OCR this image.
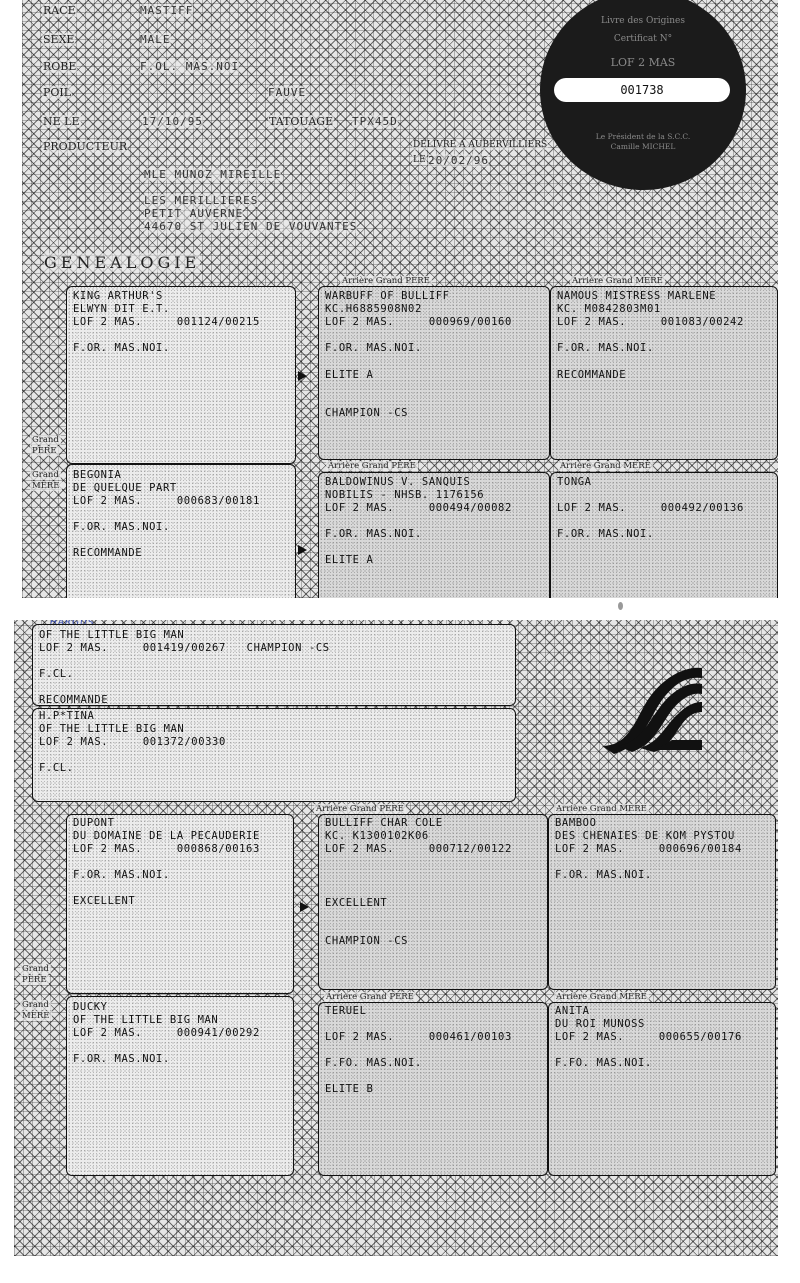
RACE	MASTIFF
SEXE	MALE
ROBE	F.OL. MAS.NOI
POIL	FAUVE
NE LE	17/10/95	TATOUAGE TPX45D
PRODUCTEUR	DELIVRE A AUBERVILLIERS
LE 20/02/96
MLE MUNOZ MIREILLE
LES MERILLIERES
PETIT AUVERNE
44670 ST JULIEN DE VOUVANTES
Livre des Origines
Certificat N°
LOF 2 MAS
001738
Le Président de la S.C.C.
Camille MICHEL
GENEALOGIE
Arrière Grand PERE	Arrière Grand MERE
KING ARTHUR'S
ELWYN DIT E.T.
LOF 2 MAS.     001124/00215
F.OR. MAS.NOI.
WARBUFF OF BULLIFF
KC.H6885908N02
LOF 2 MAS.     000969/00160
F.OR. MAS.NOI.
ELITE A
CHAMPION -CS
NAMOUS MISTRESS MARLENE
KC. M0842803M01
LOF 2 MAS.     001083/00242
F.OR. MAS.NOI.
RECOMMANDE
Grand
PERE
Grand
MERE
Arrière Grand PERE	Arrière Grand MERE
BEGONIA
DE QUELQUE PART
LOF 2 MAS.     000683/00181
F.OR. MAS.NOI.
RECOMMANDE
BALDOWINUS V. SANQUIS
NOBILIS - NHSB. 1176156
LOF 2 MAS.     000494/00082
F.OR. MAS.NOI.
ELITE A
TONGA
LOF 2 MAS.     000492/00136
F.OR. MAS.NOI.
OF THE LITTLE BIG MAN
LOF 2 MAS.     001419/00267   CHAMPION -CS
F.CL.
RECOMMANDE
H.P*TINA
OF THE LITTLE BIG MAN
LOF 2 MAS.     001372/00330
F.CL.
Arrière Grand PERE	Arrière Grand MERE
DUPONT
DU DOMAINE DE LA PECAUDERIE
LOF 2 MAS.     000868/00163
F.OR. MAS.NOI.
EXCELLENT
BULLIFF CHAR COLE
KC. K1300102K06
LOF 2 MAS.     000712/00122
EXCELLENT
CHAMPION -CS
BAMBOO
DES CHENAIES DE KOM PYSTOU
LOF 2 MAS.     000696/00184
F.OR. MAS.NOI.
Grand
PERE
Grand
MERE
Arrière Grand PERE	Arrière Grand MERE
DUCKY
OF THE LITTLE BIG MAN
LOF 2 MAS.     000941/00292
F.OR. MAS.NOI.
TERUEL
LOF 2 MAS.     000461/00103
F.FO. MAS.NOI.
ELITE B
ANITA
DU ROI MUNOSS
LOF 2 MAS.     000655/00176
F.FO. MAS.NOI.
